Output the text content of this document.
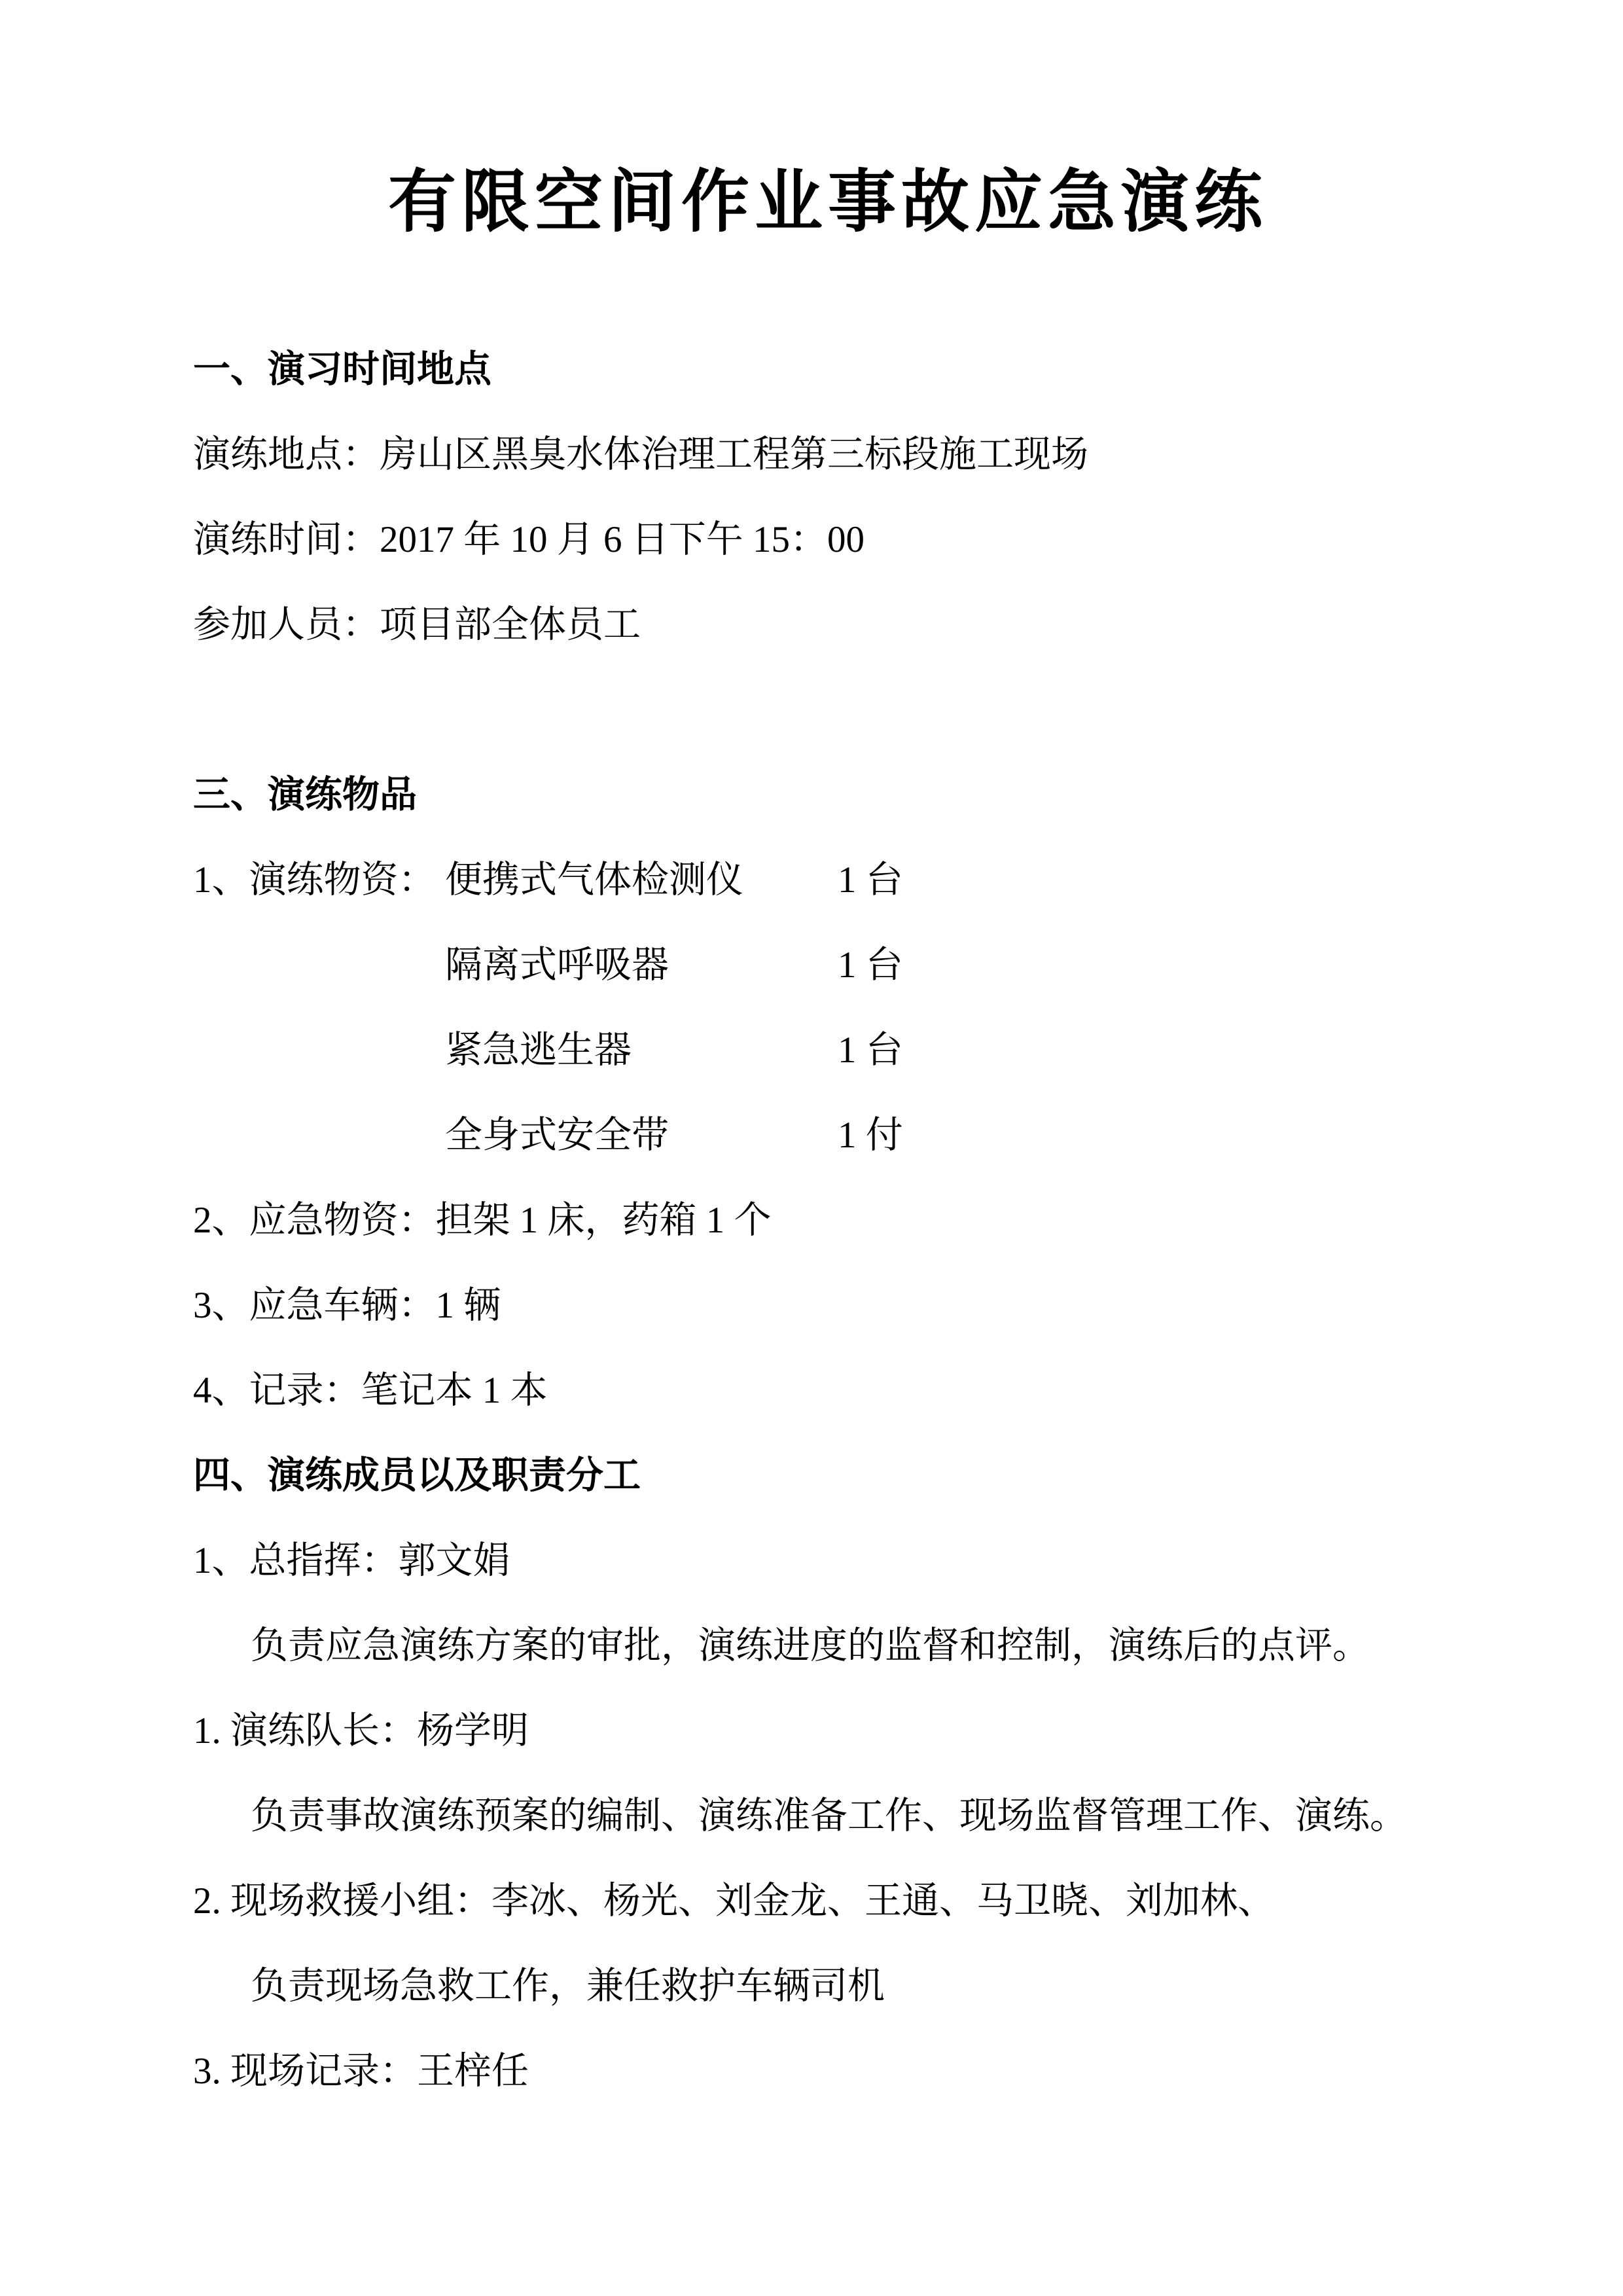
有限空间作业事故应急演练
一、演习时间地点
演练地点：房山区黑臭水体治理工程第三标段施工现场
演练时间：2017 年 10 月 6 日下午 15：00
参加人员：项目部全体员工
三、演练物品
1、演练物资： 便携式气体检测仪	1 台
隔离式呼吸器	1 台
紧急逃生器	1 台
全身式安全带	1 付
2、应急物资：担架 1 床，药箱 1 个
3、应急车辆：1 辆
4、记录：笔记本 1 本
四、演练成员以及职责分工
1、总指挥：郭文娟
负责应急演练方案的审批，演练进度的监督和控制，演练后的点评。
1. 演练队长：杨学明
负责事故演练预案的编制、演练准备工作、现场监督管理工作、演练。
2. 现场救援小组：李冰、杨光、刘金龙、王通、马卫晓、刘加林、
负责现场急救工作，兼任救护车辆司机
3. 现场记录：王梓任
